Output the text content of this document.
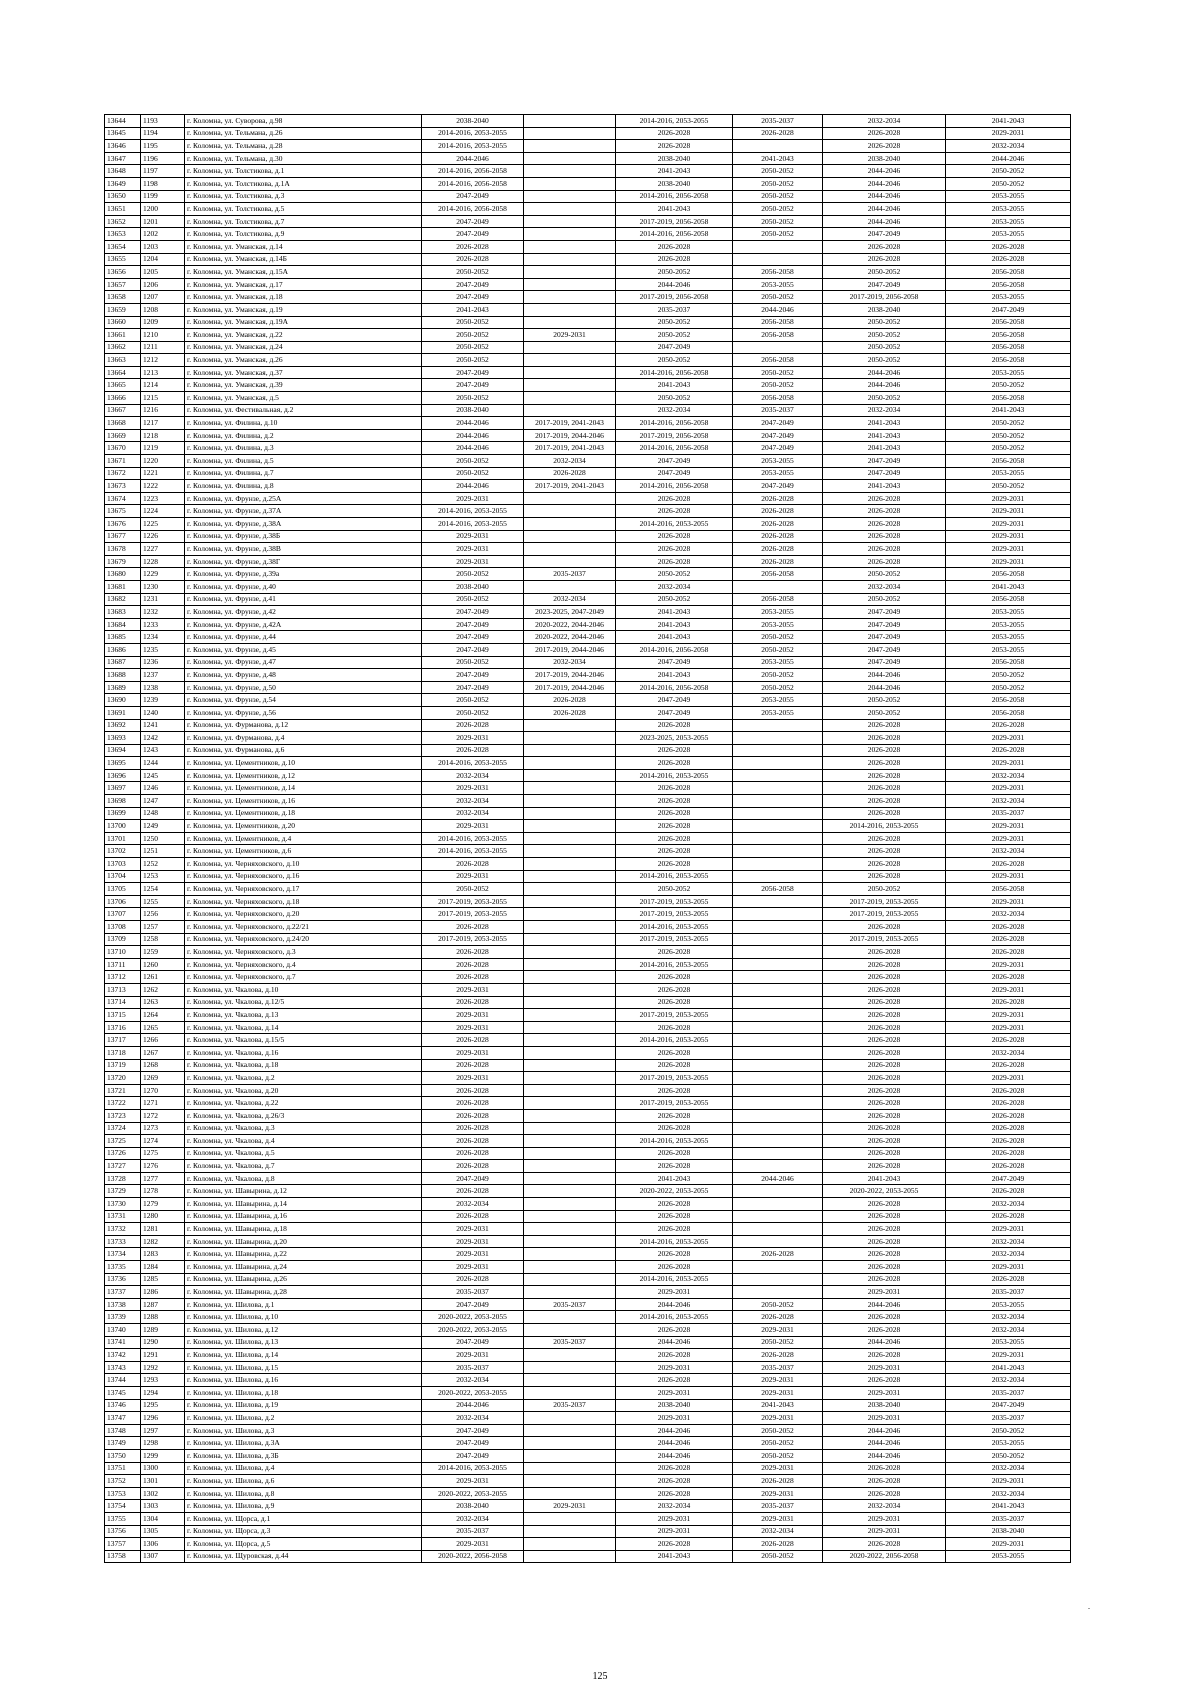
13644	1193	г. Коломна, ул. Суворова, д.98	2038-2040		2014-2016, 2053-2055	2035-2037	2032-2034	2041-2043
13645	1194	г. Коломна, ул. Тельмана, д.26	2014-2016, 2053-2055		2026-2028	2026-2028	2026-2028	2029-2031
13646	1195	г. Коломна, ул. Тельмана, д.28	2014-2016, 2053-2055		2026-2028		2026-2028	2032-2034
13647	1196	г. Коломна, ул. Тельмана, д.30	2044-2046		2038-2040	2041-2043	2038-2040	2044-2046
13648	1197	г. Коломна, ул. Толстикова, д.1	2014-2016, 2056-2058		2041-2043	2050-2052	2044-2046	2050-2052
13649	1198	г. Коломна, ул. Толстикова, д.1А	2014-2016, 2056-2058		2038-2040	2050-2052	2044-2046	2050-2052
13650	1199	г. Коломна, ул. Толстикова, д.3	2047-2049		2014-2016, 2056-2058	2050-2052	2044-2046	2053-2055
13651	1200	г. Коломна, ул. Толстикова, д.5	2014-2016, 2056-2058		2041-2043	2050-2052	2044-2046	2053-2055
13652	1201	г. Коломна, ул. Толстикова, д.7	2047-2049		2017-2019, 2056-2058	2050-2052	2044-2046	2053-2055
13653	1202	г. Коломна, ул. Толстикова, д.9	2047-2049		2014-2016, 2056-2058	2050-2052	2047-2049	2053-2055
13654	1203	г. Коломна, ул. Уманская, д.14	2026-2028		2026-2028		2026-2028	2026-2028
13655	1204	г. Коломна, ул. Уманская, д.14Б	2026-2028		2026-2028		2026-2028	2026-2028
13656	1205	г. Коломна, ул. Уманская, д.15А	2050-2052		2050-2052	2056-2058	2050-2052	2056-2058
13657	1206	г. Коломна, ул. Уманская, д.17	2047-2049		2044-2046	2053-2055	2047-2049	2056-2058
13658	1207	г. Коломна, ул. Уманская, д.18	2047-2049		2017-2019, 2056-2058	2050-2052	2017-2019, 2056-2058	2053-2055
13659	1208	г. Коломна, ул. Уманская, д.19	2041-2043		2035-2037	2044-2046	2038-2040	2047-2049
13660	1209	г. Коломна, ул. Уманская, д.19А	2050-2052		2050-2052	2056-2058	2050-2052	2056-2058
13661	1210	г. Коломна, ул. Уманская, д.22	2050-2052	2029-2031	2050-2052	2056-2058	2050-2052	2056-2058
13662	1211	г. Коломна, ул. Уманская, д.24	2050-2052		2047-2049		2050-2052	2056-2058
13663	1212	г. Коломна, ул. Уманская, д.26	2050-2052		2050-2052	2056-2058	2050-2052	2056-2058
13664	1213	г. Коломна, ул. Уманская, д.37	2047-2049		2014-2016, 2056-2058	2050-2052	2044-2046	2053-2055
13665	1214	г. Коломна, ул. Уманская, д.39	2047-2049		2041-2043	2050-2052	2044-2046	2050-2052
13666	1215	г. Коломна, ул. Уманская, д.5	2050-2052		2050-2052	2056-2058	2050-2052	2056-2058
13667	1216	г. Коломна, ул. Фестивальная, д.2	2038-2040		2032-2034	2035-2037	2032-2034	2041-2043
13668	1217	г. Коломна, ул. Филина, д.10	2044-2046	2017-2019, 2041-2043	2014-2016, 2056-2058	2047-2049	2041-2043	2050-2052
13669	1218	г. Коломна, ул. Филина, д.2	2044-2046	2017-2019, 2044-2046	2017-2019, 2056-2058	2047-2049	2041-2043	2050-2052
13670	1219	г. Коломна, ул. Филина, д.3	2044-2046	2017-2019, 2041-2043	2014-2016, 2056-2058	2047-2049	2041-2043	2050-2052
13671	1220	г. Коломна, ул. Филина, д.5	2050-2052	2032-2034	2047-2049	2053-2055	2047-2049	2056-2058
13672	1221	г. Коломна, ул. Филина, д.7	2050-2052	2026-2028	2047-2049	2053-2055	2047-2049	2053-2055
13673	1222	г. Коломна, ул. Филина, д.8	2044-2046	2017-2019, 2041-2043	2014-2016, 2056-2058	2047-2049	2041-2043	2050-2052
13674	1223	г. Коломна, ул. Фрунзе, д.25А	2029-2031		2026-2028	2026-2028	2026-2028	2029-2031
13675	1224	г. Коломна, ул. Фрунзе, д.37А	2014-2016, 2053-2055		2026-2028	2026-2028	2026-2028	2029-2031
13676	1225	г. Коломна, ул. Фрунзе, д.38А	2014-2016, 2053-2055		2014-2016, 2053-2055	2026-2028	2026-2028	2029-2031
13677	1226	г. Коломна, ул. Фрунзе, д.38Б	2029-2031		2026-2028	2026-2028	2026-2028	2029-2031
13678	1227	г. Коломна, ул. Фрунзе, д.38В	2029-2031		2026-2028	2026-2028	2026-2028	2029-2031
13679	1228	г. Коломна, ул. Фрунзе, д.38Г	2029-2031		2026-2028	2026-2028	2026-2028	2029-2031
13680	1229	г. Коломна, ул. Фрунзе, д.39а	2050-2052	2035-2037	2050-2052	2056-2058	2050-2052	2056-2058
13681	1230	г. Коломна, ул. Фрунзе, д.40	2038-2040		2032-2034		2032-2034	2041-2043
13682	1231	г. Коломна, ул. Фрунзе, д.41	2050-2052	2032-2034	2050-2052	2056-2058	2050-2052	2056-2058
13683	1232	г. Коломна, ул. Фрунзе, д.42	2047-2049	2023-2025, 2047-2049	2041-2043	2053-2055	2047-2049	2053-2055
13684	1233	г. Коломна, ул. Фрунзе, д.42А	2047-2049	2020-2022, 2044-2046	2041-2043	2053-2055	2047-2049	2053-2055
13685	1234	г. Коломна, ул. Фрунзе, д.44	2047-2049	2020-2022, 2044-2046	2041-2043	2050-2052	2047-2049	2053-2055
13686	1235	г. Коломна, ул. Фрунзе, д.45	2047-2049	2017-2019, 2044-2046	2014-2016, 2056-2058	2050-2052	2047-2049	2053-2055
13687	1236	г. Коломна, ул. Фрунзе, д.47	2050-2052	2032-2034	2047-2049	2053-2055	2047-2049	2056-2058
13688	1237	г. Коломна, ул. Фрунзе, д.48	2047-2049	2017-2019, 2044-2046	2041-2043	2050-2052	2044-2046	2050-2052
13689	1238	г. Коломна, ул. Фрунзе, д.50	2047-2049	2017-2019, 2044-2046	2014-2016, 2056-2058	2050-2052	2044-2046	2050-2052
13690	1239	г. Коломна, ул. Фрунзе, д.54	2050-2052	2026-2028	2047-2049	2053-2055	2050-2052	2056-2058
13691	1240	г. Коломна, ул. Фрунзе, д.56	2050-2052	2026-2028	2047-2049	2053-2055	2050-2052	2056-2058
13692	1241	г. Коломна, ул. Фурманова, д.12	2026-2028		2026-2028		2026-2028	2026-2028
13693	1242	г. Коломна, ул. Фурманова, д.4	2029-2031		2023-2025, 2053-2055		2026-2028	2029-2031
13694	1243	г. Коломна, ул. Фурманова, д.6	2026-2028		2026-2028		2026-2028	2026-2028
13695	1244	г. Коломна, ул. Цементников, д.10	2014-2016, 2053-2055		2026-2028		2026-2028	2029-2031
13696	1245	г. Коломна, ул. Цементников, д.12	2032-2034		2014-2016, 2053-2055		2026-2028	2032-2034
13697	1246	г. Коломна, ул. Цементников, д.14	2029-2031		2026-2028		2026-2028	2029-2031
13698	1247	г. Коломна, ул. Цементников, д.16	2032-2034		2026-2028		2026-2028	2032-2034
13699	1248	г. Коломна, ул. Цементников, д.18	2032-2034		2026-2028		2026-2028	2035-2037
13700	1249	г. Коломна, ул. Цементников, д.20	2029-2031		2026-2028		2014-2016, 2053-2055	2029-2031
13701	1250	г. Коломна, ул. Цементников, д.4	2014-2016, 2053-2055		2026-2028		2026-2028	2029-2031
13702	1251	г. Коломна, ул. Цементников, д.6	2014-2016, 2053-2055		2026-2028		2026-2028	2032-2034
13703	1252	г. Коломна, ул. Черняховского, д.10	2026-2028		2026-2028		2026-2028	2026-2028
13704	1253	г. Коломна, ул. Черняховского, д.16	2029-2031		2014-2016, 2053-2055		2026-2028	2029-2031
13705	1254	г. Коломна, ул. Черняховского, д.17	2050-2052		2050-2052	2056-2058	2050-2052	2056-2058
13706	1255	г. Коломна, ул. Черняховского, д.18	2017-2019, 2053-2055		2017-2019, 2053-2055		2017-2019, 2053-2055	2029-2031
13707	1256	г. Коломна, ул. Черняховского, д.20	2017-2019, 2053-2055		2017-2019, 2053-2055		2017-2019, 2053-2055	2032-2034
13708	1257	г. Коломна, ул. Черняховского, д.22/21	2026-2028		2014-2016, 2053-2055		2026-2028	2026-2028
13709	1258	г. Коломна, ул. Черняховского, д.24/20	2017-2019, 2053-2055		2017-2019, 2053-2055		2017-2019, 2053-2055	2026-2028
13710	1259	г. Коломна, ул. Черняховского, д.3	2026-2028		2026-2028		2026-2028	2026-2028
13711	1260	г. Коломна, ул. Черняховского, д.4	2026-2028		2014-2016, 2053-2055		2026-2028	2029-2031
13712	1261	г. Коломна, ул. Черняховского, д.7	2026-2028		2026-2028		2026-2028	2026-2028
13713	1262	г. Коломна, ул. Чкалова, д.10	2029-2031		2026-2028		2026-2028	2029-2031
13714	1263	г. Коломна, ул. Чкалова, д.12/5	2026-2028		2026-2028		2026-2028	2026-2028
13715	1264	г. Коломна, ул. Чкалова, д.13	2029-2031		2017-2019, 2053-2055		2026-2028	2029-2031
13716	1265	г. Коломна, ул. Чкалова, д.14	2029-2031		2026-2028		2026-2028	2029-2031
13717	1266	г. Коломна, ул. Чкалова, д.15/5	2026-2028		2014-2016, 2053-2055		2026-2028	2026-2028
13718	1267	г. Коломна, ул. Чкалова, д.16	2029-2031		2026-2028		2026-2028	2032-2034
13719	1268	г. Коломна, ул. Чкалова, д.18	2026-2028		2026-2028		2026-2028	2026-2028
13720	1269	г. Коломна, ул. Чкалова, д.2	2029-2031		2017-2019, 2053-2055		2026-2028	2029-2031
13721	1270	г. Коломна, ул. Чкалова, д.20	2026-2028		2026-2028		2026-2028	2026-2028
13722	1271	г. Коломна, ул. Чкалова, д.22	2026-2028		2017-2019, 2053-2055		2026-2028	2026-2028
13723	1272	г. Коломна, ул. Чкалова, д.26/3	2026-2028		2026-2028		2026-2028	2026-2028
13724	1273	г. Коломна, ул. Чкалова, д.3	2026-2028		2026-2028		2026-2028	2026-2028
13725	1274	г. Коломна, ул. Чкалова, д.4	2026-2028		2014-2016, 2053-2055		2026-2028	2026-2028
13726	1275	г. Коломна, ул. Чкалова, д.5	2026-2028		2026-2028		2026-2028	2026-2028
13727	1276	г. Коломна, ул. Чкалова, д.7	2026-2028		2026-2028		2026-2028	2026-2028
13728	1277	г. Коломна, ул. Чкалова, д.8	2047-2049		2041-2043	2044-2046	2041-2043	2047-2049
13729	1278	г. Коломна, ул. Шавырина, д.12	2026-2028		2020-2022, 2053-2055		2020-2022, 2053-2055	2026-2028
13730	1279	г. Коломна, ул. Шавырина, д.14	2032-2034		2026-2028		2026-2028	2032-2034
13731	1280	г. Коломна, ул. Шавырина, д.16	2026-2028		2026-2028		2026-2028	2026-2028
13732	1281	г. Коломна, ул. Шавырина, д.18	2029-2031		2026-2028		2026-2028	2029-2031
13733	1282	г. Коломна, ул. Шавырина, д.20	2029-2031		2014-2016, 2053-2055		2026-2028	2032-2034
13734	1283	г. Коломна, ул. Шавырина, д.22	2029-2031		2026-2028	2026-2028	2026-2028	2032-2034
13735	1284	г. Коломна, ул. Шавырина, д.24	2029-2031		2026-2028		2026-2028	2029-2031
13736	1285	г. Коломна, ул. Шавырина, д.26	2026-2028		2014-2016, 2053-2055		2026-2028	2026-2028
13737	1286	г. Коломна, ул. Шавырина, д.28	2035-2037		2029-2031		2029-2031	2035-2037
13738	1287	г. Коломна, ул. Шилова, д.1	2047-2049	2035-2037	2044-2046	2050-2052	2044-2046	2053-2055
13739	1288	г. Коломна, ул. Шилова, д.10	2020-2022, 2053-2055		2014-2016, 2053-2055	2026-2028	2026-2028	2032-2034
13740	1289	г. Коломна, ул. Шилова, д.12	2020-2022, 2053-2055		2026-2028	2029-2031	2026-2028	2032-2034
13741	1290	г. Коломна, ул. Шилова, д.13	2047-2049	2035-2037	2044-2046	2050-2052	2044-2046	2053-2055
13742	1291	г. Коломна, ул. Шилова, д.14	2029-2031		2026-2028	2026-2028	2026-2028	2029-2031
13743	1292	г. Коломна, ул. Шилова, д.15	2035-2037		2029-2031	2035-2037	2029-2031	2041-2043
13744	1293	г. Коломна, ул. Шилова, д.16	2032-2034		2026-2028	2029-2031	2026-2028	2032-2034
13745	1294	г. Коломна, ул. Шилова, д.18	2020-2022, 2053-2055		2029-2031	2029-2031	2029-2031	2035-2037
13746	1295	г. Коломна, ул. Шилова, д.19	2044-2046	2035-2037	2038-2040	2041-2043	2038-2040	2047-2049
13747	1296	г. Коломна, ул. Шилова, д.2	2032-2034		2029-2031	2029-2031	2029-2031	2035-2037
13748	1297	г. Коломна, ул. Шилова, д.3	2047-2049		2044-2046	2050-2052	2044-2046	2050-2052
13749	1298	г. Коломна, ул. Шилова, д.3А	2047-2049		2044-2046	2050-2052	2044-2046	2053-2055
13750	1299	г. Коломна, ул. Шилова, д.3Б	2047-2049		2044-2046	2050-2052	2044-2046	2050-2052
13751	1300	г. Коломна, ул. Шилова, д.4	2014-2016, 2053-2055		2026-2028	2029-2031	2026-2028	2032-2034
13752	1301	г. Коломна, ул. Шилова, д.6	2029-2031		2026-2028	2026-2028	2026-2028	2029-2031
13753	1302	г. Коломна, ул. Шилова, д.8	2020-2022, 2053-2055		2026-2028	2029-2031	2026-2028	2032-2034
13754	1303	г. Коломна, ул. Шилова, д.9	2038-2040	2029-2031	2032-2034	2035-2037	2032-2034	2041-2043
13755	1304	г. Коломна, ул. Щорса, д.1	2032-2034		2029-2031	2029-2031	2029-2031	2035-2037
13756	1305	г. Коломна, ул. Щорса, д.3	2035-2037		2029-2031	2032-2034	2029-2031	2038-2040
13757	1306	г. Коломна, ул. Щорса, д.5	2029-2031		2026-2028	2026-2028	2026-2028	2029-2031
13758	1307	г. Коломна, ул. Щуровская, д.44	2020-2022, 2056-2058		2041-2043	2050-2052	2020-2022, 2056-2058	2053-2055
.
125
